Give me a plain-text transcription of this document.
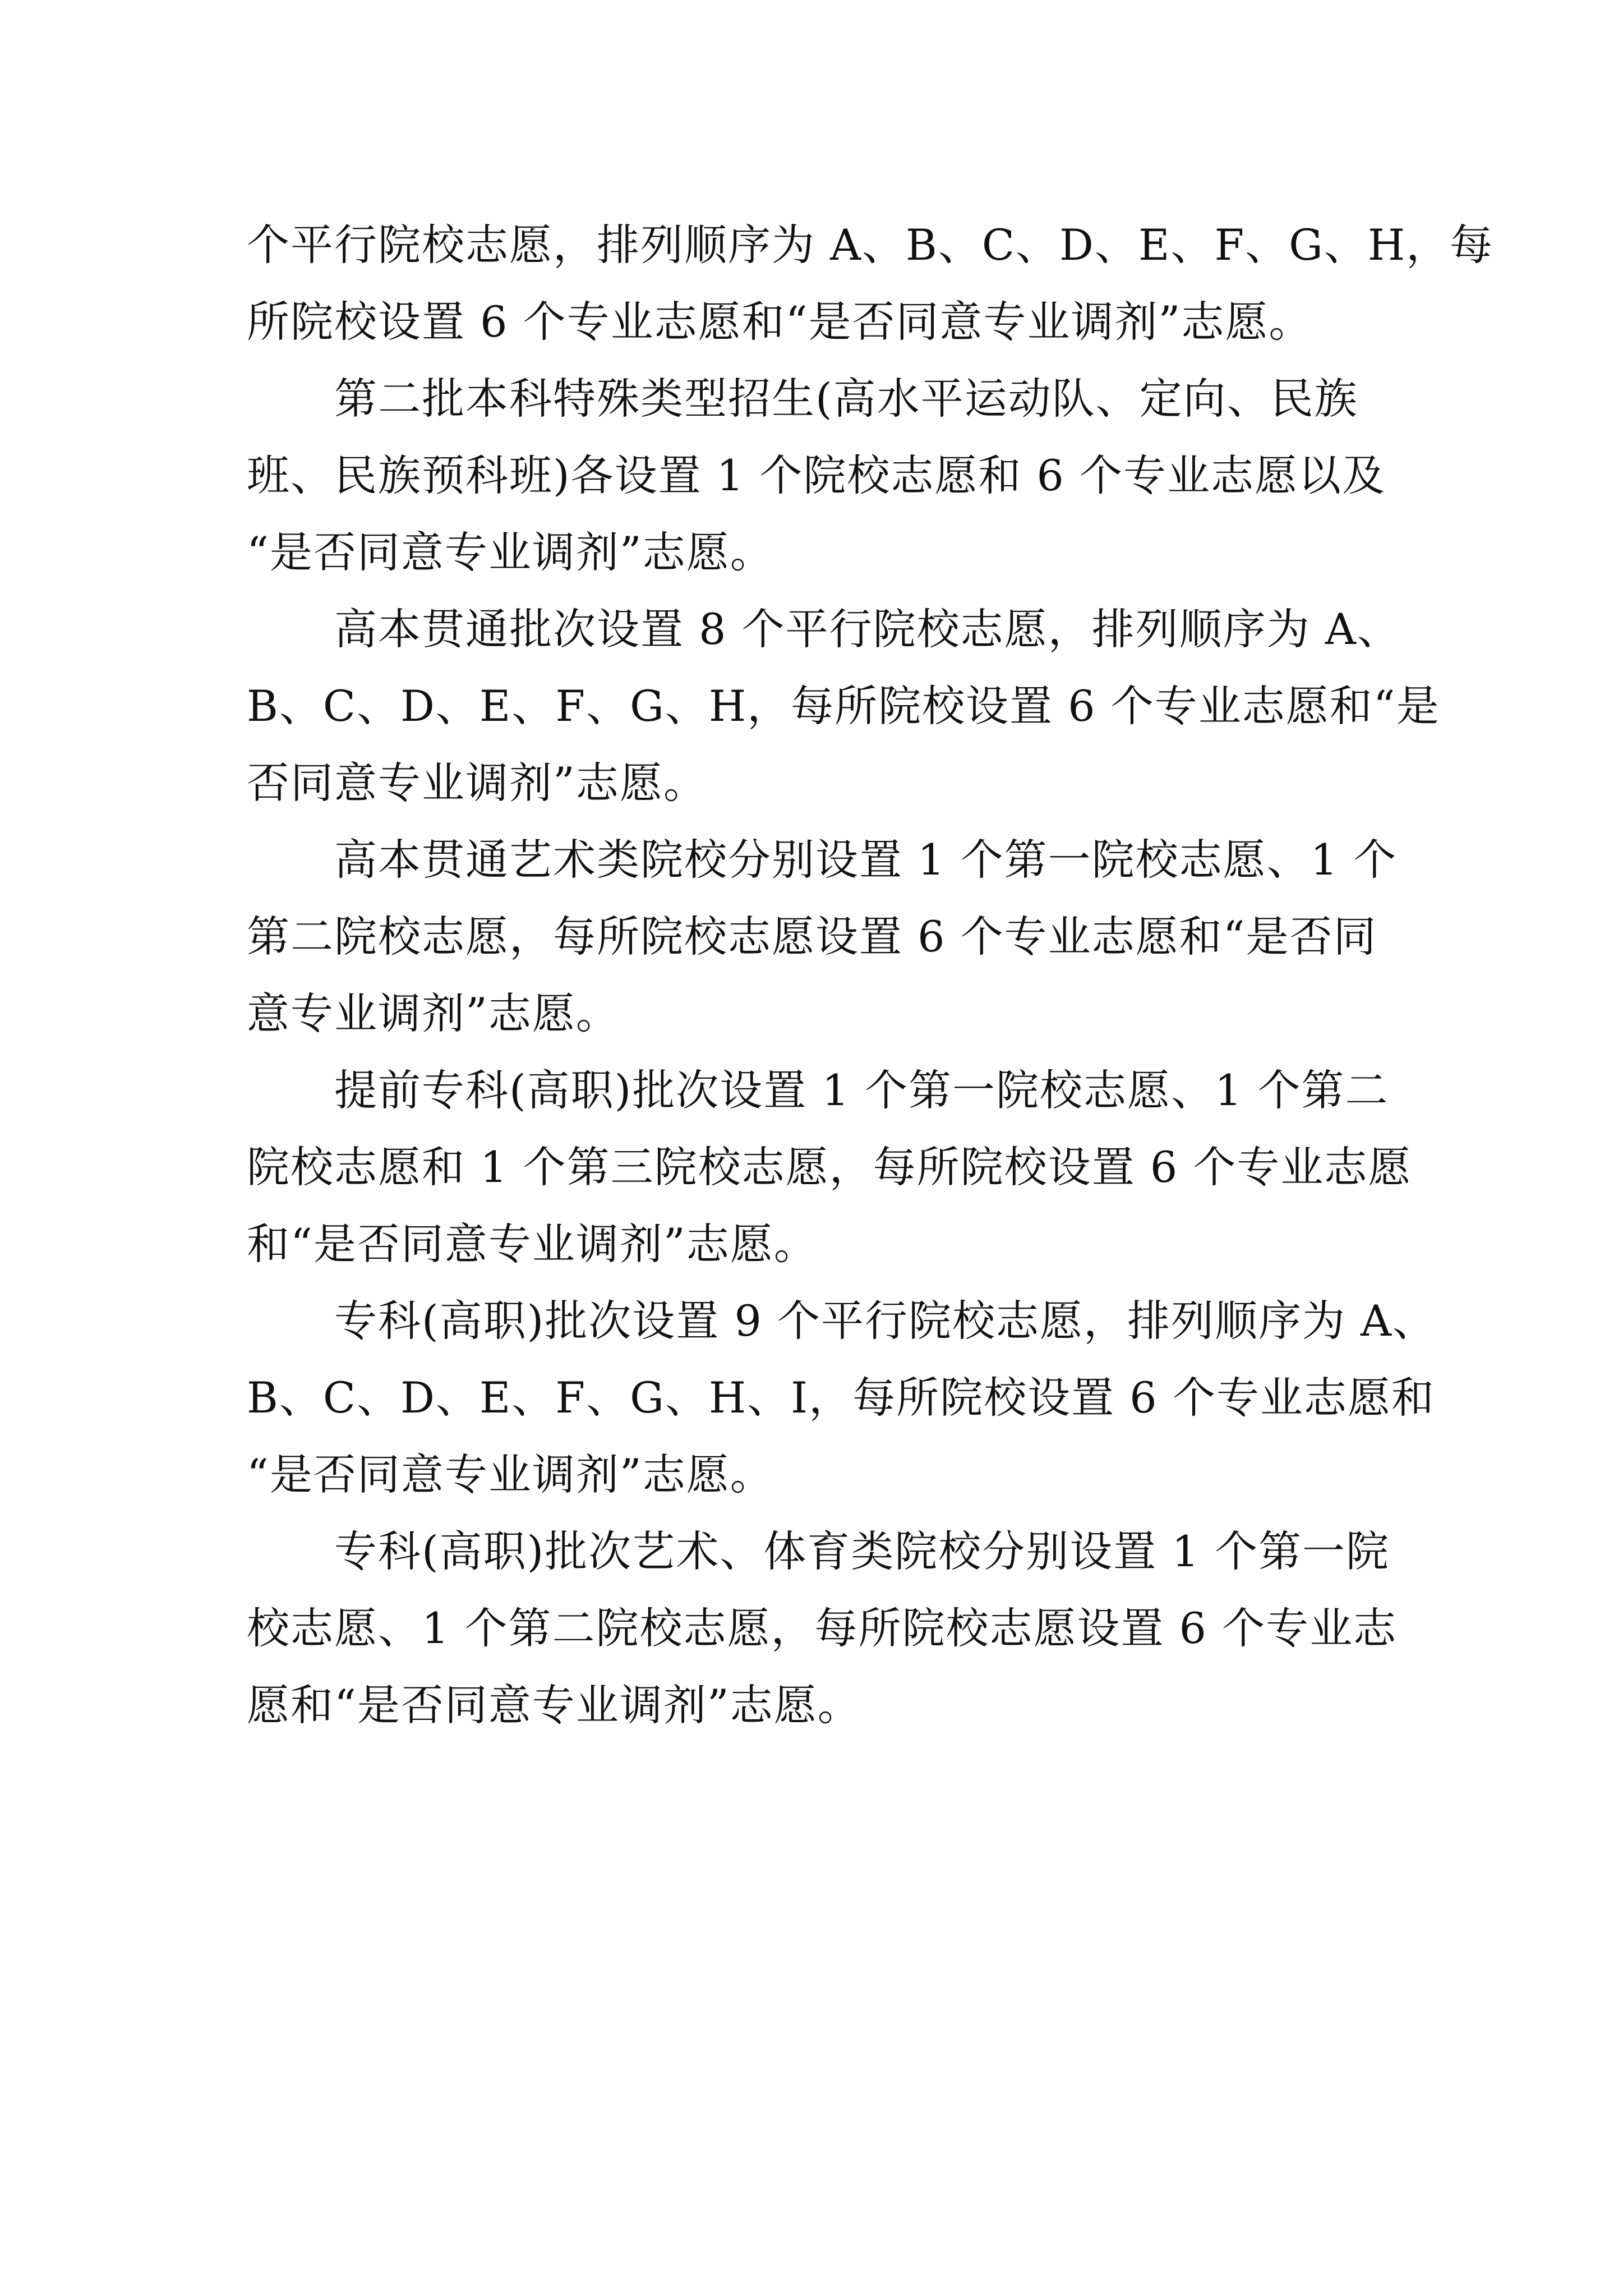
个平行院校志愿，排列顺序为 A、B、C、D、E、F、G、H，每
所院校设置 6 个专业志愿和“是否同意专业调剂”志愿。
　　第二批本科特殊类型招生(高水平运动队、定向、民族
班、民族预科班)各设置 1 个院校志愿和 6 个专业志愿以及
“是否同意专业调剂”志愿。
　　高本贯通批次设置 8 个平行院校志愿，排列顺序为 A、
B、C、D、E、F、G、H，每所院校设置 6 个专业志愿和“是
否同意专业调剂”志愿。
　　高本贯通艺术类院校分别设置 1 个第一院校志愿、1 个
第二院校志愿，每所院校志愿设置 6 个专业志愿和“是否同
意专业调剂”志愿。
　　提前专科(高职)批次设置 1 个第一院校志愿、1 个第二
院校志愿和 1 个第三院校志愿，每所院校设置 6 个专业志愿
和“是否同意专业调剂”志愿。
　　专科(高职)批次设置 9 个平行院校志愿，排列顺序为 A、
B、C、D、E、F、G、H、I，每所院校设置 6 个专业志愿和
“是否同意专业调剂”志愿。
　　专科(高职)批次艺术、体育类院校分别设置 1 个第一院
校志愿、1 个第二院校志愿，每所院校志愿设置 6 个专业志
愿和“是否同意专业调剂”志愿。
